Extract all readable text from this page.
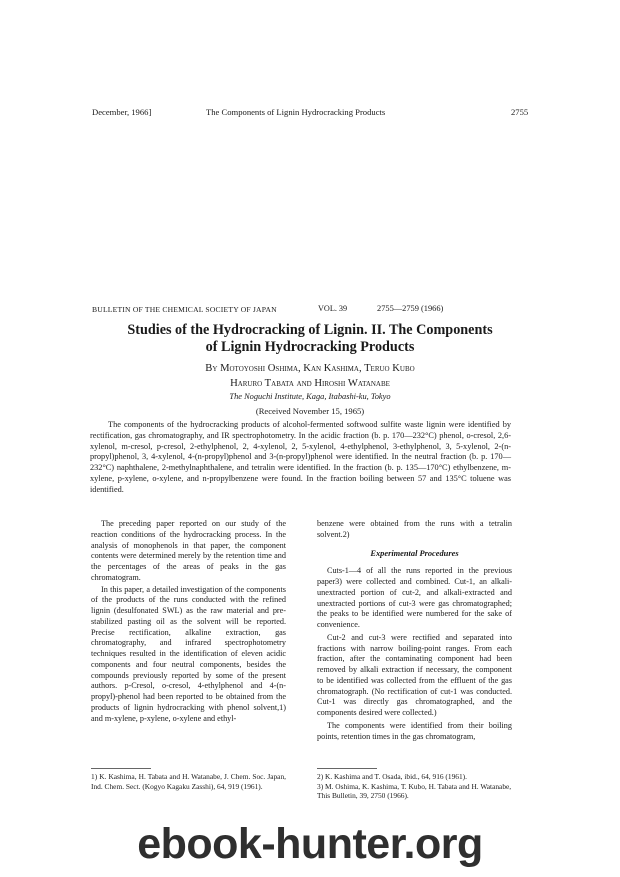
December, 1966]	The Components of Lignin Hydrocracking Products	2755
BULLETIN OF THE CHEMICAL SOCIETY OF JAPAN	VOL. 39	2755—2759 (1966)
Studies of the Hydrocracking of Lignin. II. The Components
of Lignin Hydrocracking Products
By Motoyoshi Oshima, Kan Kashima, Teruo Kubo
Haruro Tabata and Hiroshi Watanabe
The Noguchi Institute, Kaga, Itabashi-ku, Tokyo
(Received November 15, 1965)

The components of the hydrocracking products of alcohol-fermented softwood sulfite waste lignin were identified by rectification, gas chromatography, and IR spectrophotometry. In the acidic fraction (b. p. 170—232°C) phenol, o-cresol, 2,6-xylenol, m-cresol, p-cresol, 2-ethylphenol, 2, 4-xylenol, 2, 5-xylenol, 4-ethylphenol, 3-ethylphenol, 3, 5-xylenol, 2-(n-propyl)phenol, 3, 4-xylenol, 4-(n-propyl)phenol and 3-(n-propyl)phenol were identified. In the neutral fraction (b. p. 170—232°C) naphthalene, 2-methylnaphthalene, and tetralin were identified. In the fraction (b. p. 135—170°C) ethylbenzene, m-xylene, p-xylene, o-xylene, and n-propylbenzene were found. In the fraction boiling between 57 and 135°C toluene was identified.

The preceding paper reported on our study of the reaction conditions of the hydrocracking process. In the analysis of monophenols in that paper, the component contents were determined merely by the retention time and the percentages of the areas of peaks in the gas chromatogram.

In this paper, a detailed investigation of the components of the products of the runs conducted with the refined lignin (desulfonated SWL) as the raw material and pre-stabilized pasting oil as the solvent will be reported. Precise rectification, alkaline extraction, gas chromatography, and infrared spectrophotometry techniques resulted in the identification of eleven acidic components and four neutral components, besides the compounds previously reported by some of the present authors. p-Cresol, o-cresol, 4-ethylphenol and 4-(n-propyl)-phenol had been reported to be obtained from the products of lignin hydrocracking with phenol solvent,1) and m-xylene, p-xylene, o-xylene and ethyl-

benzene were obtained from the runs with a tetralin solvent.2)

Experimental Procedures

Cuts-1—4 of all the runs reported in the previous paper3) were collected and combined. Cut-1, an alkali-unextracted portion of cut-2, and alkali-extracted and unextracted portions of cut-3 were gas chromatographed; the peaks to be identified were numbered for the sake of convenience.

Cut-2 and cut-3 were rectified and separated into fractions with narrow boiling-point ranges. From each fraction, after the contaminating component had been removed by alkali extraction if necessary, the component to be identified was collected from the effluent of the gas chromatograph. (No rectification of cut-1 was conducted. Cut-1 was directly gas chromatographed, and the components desired were collected.)

The components were identified from their boiling points, retention times in the gas chromatogram,

1) K. Kashima, H. Tabata and H. Watanabe, J. Chem. Soc. Japan, Ind. Chem. Sect. (Kogyo Kagaku Zasshi), 64, 919 (1961).
2) K. Kashima and T. Osada, ibid., 64, 916 (1961).
3) M. Oshima, K. Kashima, T. Kubo, H. Tabata and H. Watanabe, This Bulletin, 39, 2750 (1966).
ebook-hunter.org
